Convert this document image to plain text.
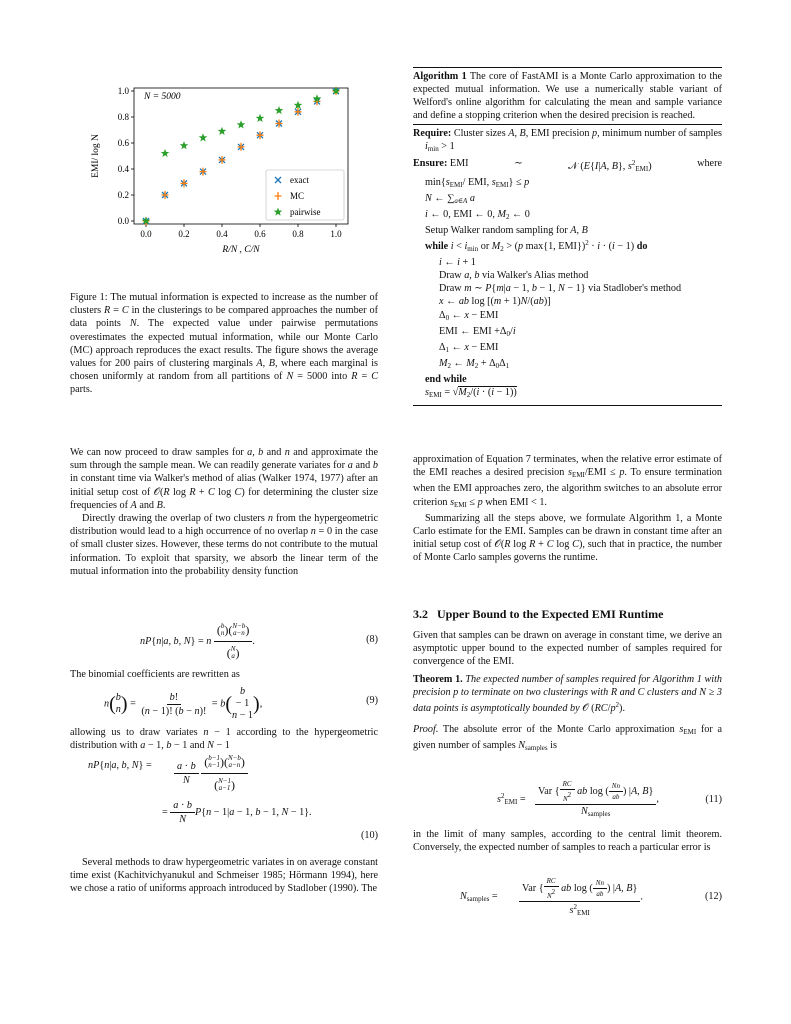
0.0	0.2	0.4	0.6	0.8	1.0
0.0
0.2
0.4
0.6
0.8
1.0
R/N , C/N
EMI/ log N
N = 5000
exact
MC
pairwise

Figure 1: The mutual information is expected to increase as the number of clusters R = C in the clusterings to be compared approaches the number of data points N. The expected value under pairwise permutations overestimates the expected mutual information, while our Monte Carlo (MC) approach reproduces the exact results. The figure shows the average values for 200 pairs of clustering marginals A, B, where each marginal is chosen uniformly at random from all partitions of N = 5000 into R = C parts.

We can now proceed to draw samples for a, b and n and approximate the sum through the sample mean. We can readily generate variates for a and b in constant time via Walker's method of alias (Walker 1974, 1977) after an initial setup cost of 𝒪(R log R + C log C) for determining the cluster size frequencies of A and B.

Directly drawing the overlap of two clusters n from the hypergeometric distribution would lead to a high occurrence of no overlap n = 0 in the case of small cluster sizes. However, these terms do not contribute to the mutual information. To exploit that sparsity, we absorb the linear term of the mutual information into the probability density function

nP{n|a, b, N} = n ( b
n ) ( N−b
a−n )
( N
a ) .	(8)

The binomial coefficients are rewritten as

n ( b
n ) = $\frac{b!}{(n - 1)! (b - n)!} = b$ (
b
− 1
n − 1
) ,	(9)

allowing us to draw variates n − 1 according to the hypergeometric distribution with a − 1, b − 1 and N − 1

nP{n|a, b, $N\} = \frac{a \cdot b}{N}$
( b−1
n−1 ) ( N−b
a−n )
( N−1
a−1 )
= $\frac{a \cdot b}{N} P\{n - 1|a - 1$, b − 1, N − 1}.
(10)

Several methods to draw hypergeometric variates in on average constant time exist (Kachitvichyanukul and Schmeiser 1985; Hörmann 1994), here we chose a ratio of uniforms approach introduced by Stadlober (1990). The

Algorithm 1 The core of FastAMI is a Monte Carlo approximation to the expected mutual information. We use a numerically stable variant of Welford's online algorithm for calculating the mean and sample variance and define a stopping criterion when the desired precision is reached.
Require: Cluster sizes A, B, EMI precision p, minimum number of samples $i_{min} > 1$
Ensure: EMI	∼	𝒩 (E{I|A, B}, $s^2_{EMI}$)	where
$\min\{s_{EMI}/$ EMI, $s_{EMI}\} \le p$
N ← $\sum_{a\in A}$ a
i ← 0, EMI ← 0, $M_2$ ← 0
Setup Walker random sampling for A, B
while $i < i_{min}$ or $M_2 > (p$ max{1, EMI})$^2$ · i · (i − 1) do
i ← i + 1
Draw a, b via Walker's Alias method
Draw m ∼ P{m|a − 1, b − 1, N − 1} via Stadlober's method
x ← ab log [(m + 1)N/(ab)]
$\Delta_0$ ← x − EMI
EMI ← EMI $+\Delta_0/i$
$\Delta_1$ ← x − EMI
$M_2$ ← $M_2 + \Delta_0\Delta_1$
end while
$s_{EMI} = √M_2/(i \cdot (i - 1))$

approximation of Equation 7 terminates, when the relative error estimate of the EMI reaches a desired precision $s_{EMI}$/EMI ≤ p. To ensure termination when the EMI approaches zero, the algorithm switches to an absolute error criterion $s_{EMI} \le p$ when EMI < 1.

Summarizing all the steps above, we formulate Algorithm 1, a Monte Carlo estimate for the EMI. Samples can be drawn in constant time after an initial setup cost of 𝒪(R log R + C log C), such that in practice, the number of Monte Carlo samples governs the runtime.

3.2 Upper Bound to the Expected EMI Runtime

Given that samples can be drawn on average in constant time, we derive an asymptotic upper bound to the expected number of samples required for convergence of the EMI.

Theorem 1. The expected number of samples required for Algorithm 1 with precision p to terminate on two clusterings with R and C clusters and N ≥ 3 data points is asymptotically bounded by 𝒪 $(RC/p^2)$.

Proof. The absolute error of the Monte Carlo approximation $s_{EMI}$ for a given number of samples $N_{samples}$ is

$s^2_{EMI} = \frac{Var \{ \frac{RC}{N2} ab \log ( \frac{Nn}{ab} ) |A, B\}}{N_{samples}}$ ,	(11)

in the limit of many samples, according to the central limit theorem. Conversely, the expected number of samples to reach a particular error is

$N_{samples} = \frac{Var \{ \frac{RC}{N2} ab \log ( \frac{Nn}{ab} ) |A, B\}}{s^2_{EMI}}$ .	(12)
